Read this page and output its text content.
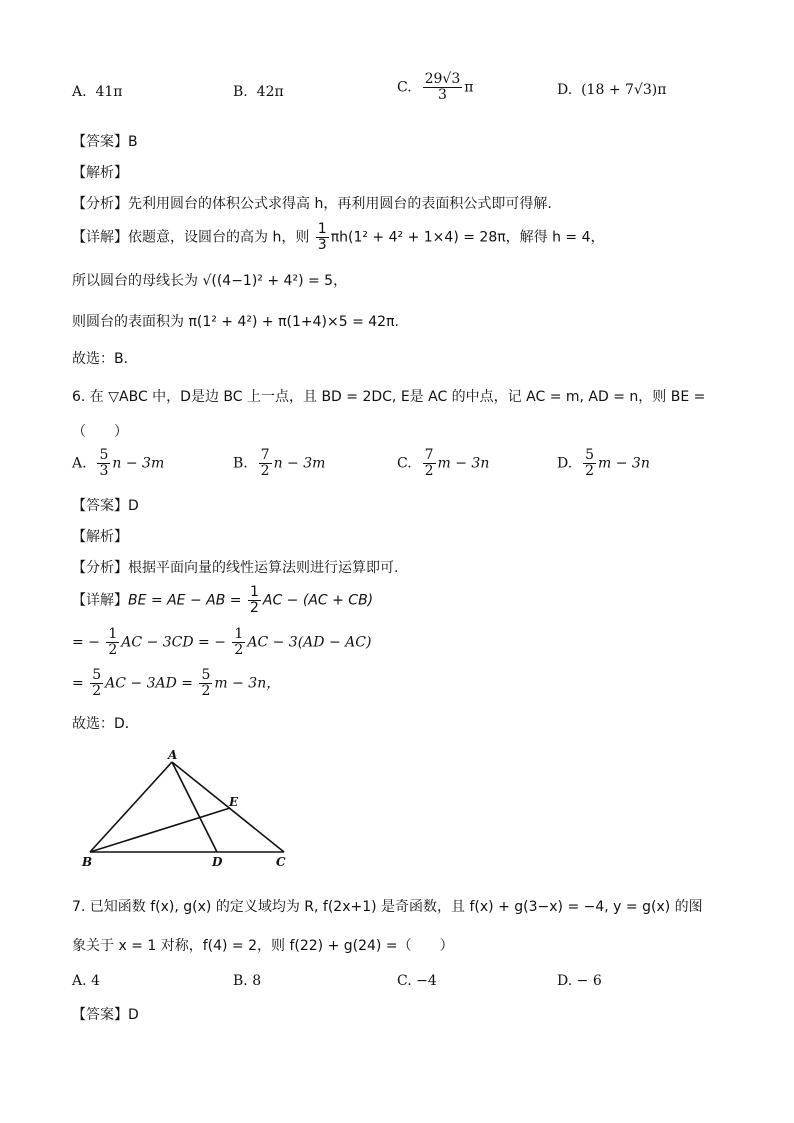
A. 41π	B. 42π	C. $\frac{29√3}{3}$ π	D. (18 + 7√3)π
【答案】B
【解析】
【分析】先利用圆台的体积公式求得高 h，再利用圆台的表面积公式即可得解.
【详解】依题意，设圆台的高为 h，则 $\frac{1}{3} \pi h(1^2 + 4^2 + 1\times 4) = 28\pi$，解得 h = 4，
所以圆台的母线长为 √((4−1)² + 4²) = 5，
则圆台的表面积为 π(1² + 4²) + π(1+4)×5 = 42π.
故选：B．
6. 在 ▽ABC 中，D是边 BC 上一点，且 BD = 2DC, E是 AC 的中点，记 AC = m, AD = n，则 BE =
（　　）
A. $\frac{5}{3}$ n − 3m	B. $\frac{7}{2}$ n − 3m	C. $\frac{7}{2}$ m − 3n	D. $\frac{5}{2}$ m − 3n
【答案】D
【解析】
【分析】根据平面向量的线性运算法则进行运算即可.
【详解】BE = AE − AB = $\frac{1}{2}$ AC − (AC + CB)
= − $\frac{1}{2}$ AC − 3CD = − $\frac{1}{2}$ AC − 3(AD − AC)
= $\frac{5}{2}$ AC − $3AD = \frac{5}{2}$ m − 3n，
故选：D．
A
B	C
D
E
7. 已知函数 f(x), g(x) 的定义域均为 R, f(2x+1) 是奇函数，且 f(x) + g(3−x) = −4, y = g(x) 的图
象关于 x = 1 对称，f(4) = 2，则 f(22) + g(24) =（　　）
A. 4	B. 8	C. −4	D. − 6
【答案】D
